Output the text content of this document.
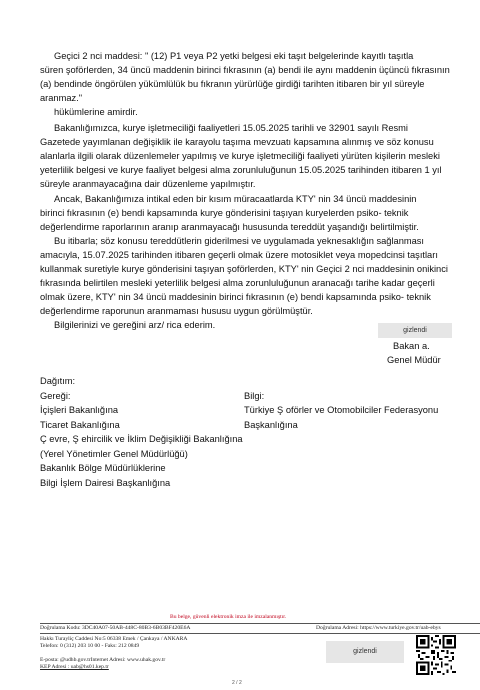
Geçici 2 nci maddesi: " (12) P1 veya P2 yetki belgesi eki taşıt belgelerinde kayıtlı taşıtla
süren şoförlerden, 34 üncü maddenin birinci fıkrasının (a) bendi ile aynı maddenin üçüncü fıkrasının
(a) bendinde öngörülen yükümlülük bu fıkranın yürürlüğe girdiği tarihten itibaren bir yıl süreyle
aranmaz."
hükümlerine amirdir.
Bakanlığımızca, kurye işletmeciliği faaliyetleri 15.05.2025 tarihli ve 32901 sayılı Resmi
Gazetede yayımlanan değişiklik ile karayolu taşıma mevzuatı kapsamına alınmış ve söz konusu
alanlarla ilgili olarak düzenlemeler yapılmış ve kurye işletmeciliği faaliyeti yürüten kişilerin mesleki
yeterlilik belgesi ve kurye faaliyet belgesi alma zorunluluğunun 15.05.2025 tarihinden itibaren 1 yıl
süreyle aranmayacağına dair düzenleme yapılmıştır.
Ancak, Bakanlığımıza intikal eden bir kısım müracaatlarda KTY' nin 34 üncü maddesinin
birinci fıkrasının (e) bendi kapsamında kurye gönderisini taşıyan kuryelerden psiko- teknik
değerlendirme raporlarının aranıp aranmayacağı hususunda tereddüt yaşandığı belirtilmiştir.
Bu itibarla; söz konusu tereddütlerin giderilmesi ve uygulamada yeknesaklığın sağlanması
amacıyla, 15.07.2025 tarihinden itibaren geçerli olmak üzere motosiklet veya mopedcinsi taşıtları
kullanmak suretiyle kurye gönderisini taşıyan şoförlerden, KTY' nin Geçici 2 nci maddesinin onikinci
fıkrasında belirtilen mesleki yeterlilik belgesi alma zorunluluğunun aranacağı tarihe kadar geçerli
olmak üzere, KTY' nin 34 üncü maddesinin birinci fıkrasının (e) bendi kapsamında psiko- teknik
değerlendirme raporunun aranmaması hususu uygun görülmüştür.
Bilgilerinizi ve gereğini arz/ rica ederim.
gizlendi
Bakan a.
Genel Müdür
Dağıtım:
Gereği:	Bilgi:
İçişleri Bakanlığına
Ticaret Bakanlığına
Ç evre, Ş ehircilik ve İklim Değişikliği Bakanlığına
(Yerel Yönetimler Genel Müdürlüğü)
Bakanlık Bölge Müdürlüklerine
Bilgi İşlem Dairesi Başkanlığına
Türkiye Ş oförler ve Otomobilciler Federasyonu
Başkanlığına
Bu belge, güvenli elektronik imza ile imzalanmıştır.
Doğrulama Kodu: 3DC40A07-50AB-448C-80B3-6B03BF420E6A	Doğrulama Adresi: https://www.turkiye.gov.tr/uab-ebys
Hakkı Turayliç Caddesi No:5 06338 Emek / Çankaya / ANKARA
Telefon: 0 (312) 203 10 00 - Faks: 212 0849
E-posta: @udhb.gov.trInternet Adresi: www.uhak.gov.tr
KEP Adresi : uab@hs01.kep.tr
gizlendi
2 / 2
